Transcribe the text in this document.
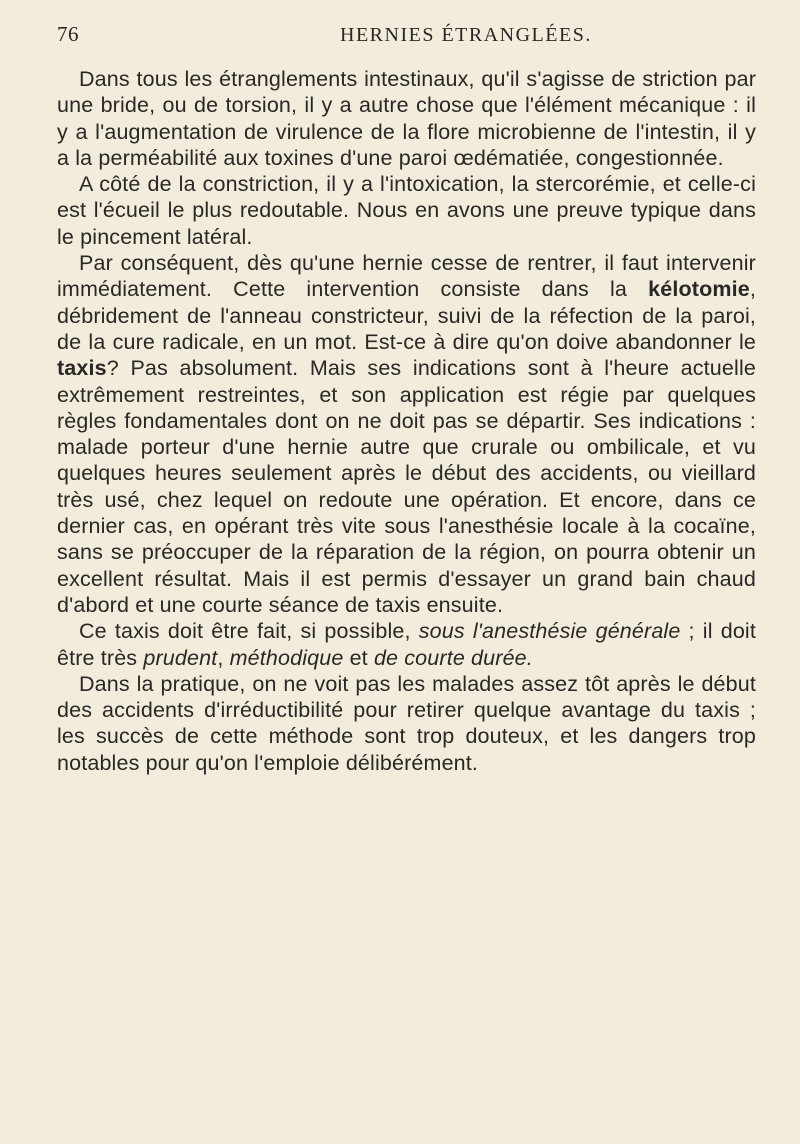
76	HERNIES ÉTRANGLÉES.

Dans tous les étranglements intestinaux, qu'il s'agisse de striction par une bride, ou de torsion, il y a autre chose que l'élément mécanique : il y a l'augmentation de virulence de la flore microbienne de l'intestin, il y a la perméabilité aux toxines d'une paroi œdématiée, congestionnée.

A côté de la constriction, il y a l'intoxication, la stercorémie, et celle-ci est l'écueil le plus redoutable. Nous en avons une preuve typique dans le pincement latéral.

Par conséquent, dès qu'une hernie cesse de rentrer, il faut intervenir immédiatement. Cette intervention consiste dans la kélotomie, débridement de l'anneau constricteur, suivi de la réfection de la paroi, de la cure radicale, en un mot. Est-ce à dire qu'on doive abandonner le taxis? Pas absolument. Mais ses indications sont à l'heure actuelle extrêmement restreintes, et son application est régie par quelques règles fondamentales dont on ne doit pas se départir. Ses indications : malade porteur d'une hernie autre que crurale ou ombilicale, et vu quelques heures seulement après le début des accidents, ou vieillard très usé, chez lequel on redoute une opération. Et encore, dans ce dernier cas, en opérant très vite sous l'anesthésie locale à la cocaïne, sans se préoccuper de la réparation de la région, on pourra obtenir un excellent résultat. Mais il est permis d'essayer un grand bain chaud d'abord et une courte séance de taxis ensuite.

Ce taxis doit être fait, si possible, sous l'anesthésie générale ; il doit être très prudent, méthodique et de courte durée.

Dans la pratique, on ne voit pas les malades assez tôt après le début des accidents d'irréductibilité pour retirer quelque avantage du taxis ; les succès de cette méthode sont trop douteux, et les dangers trop notables pour qu'on l'emploie délibérément.
